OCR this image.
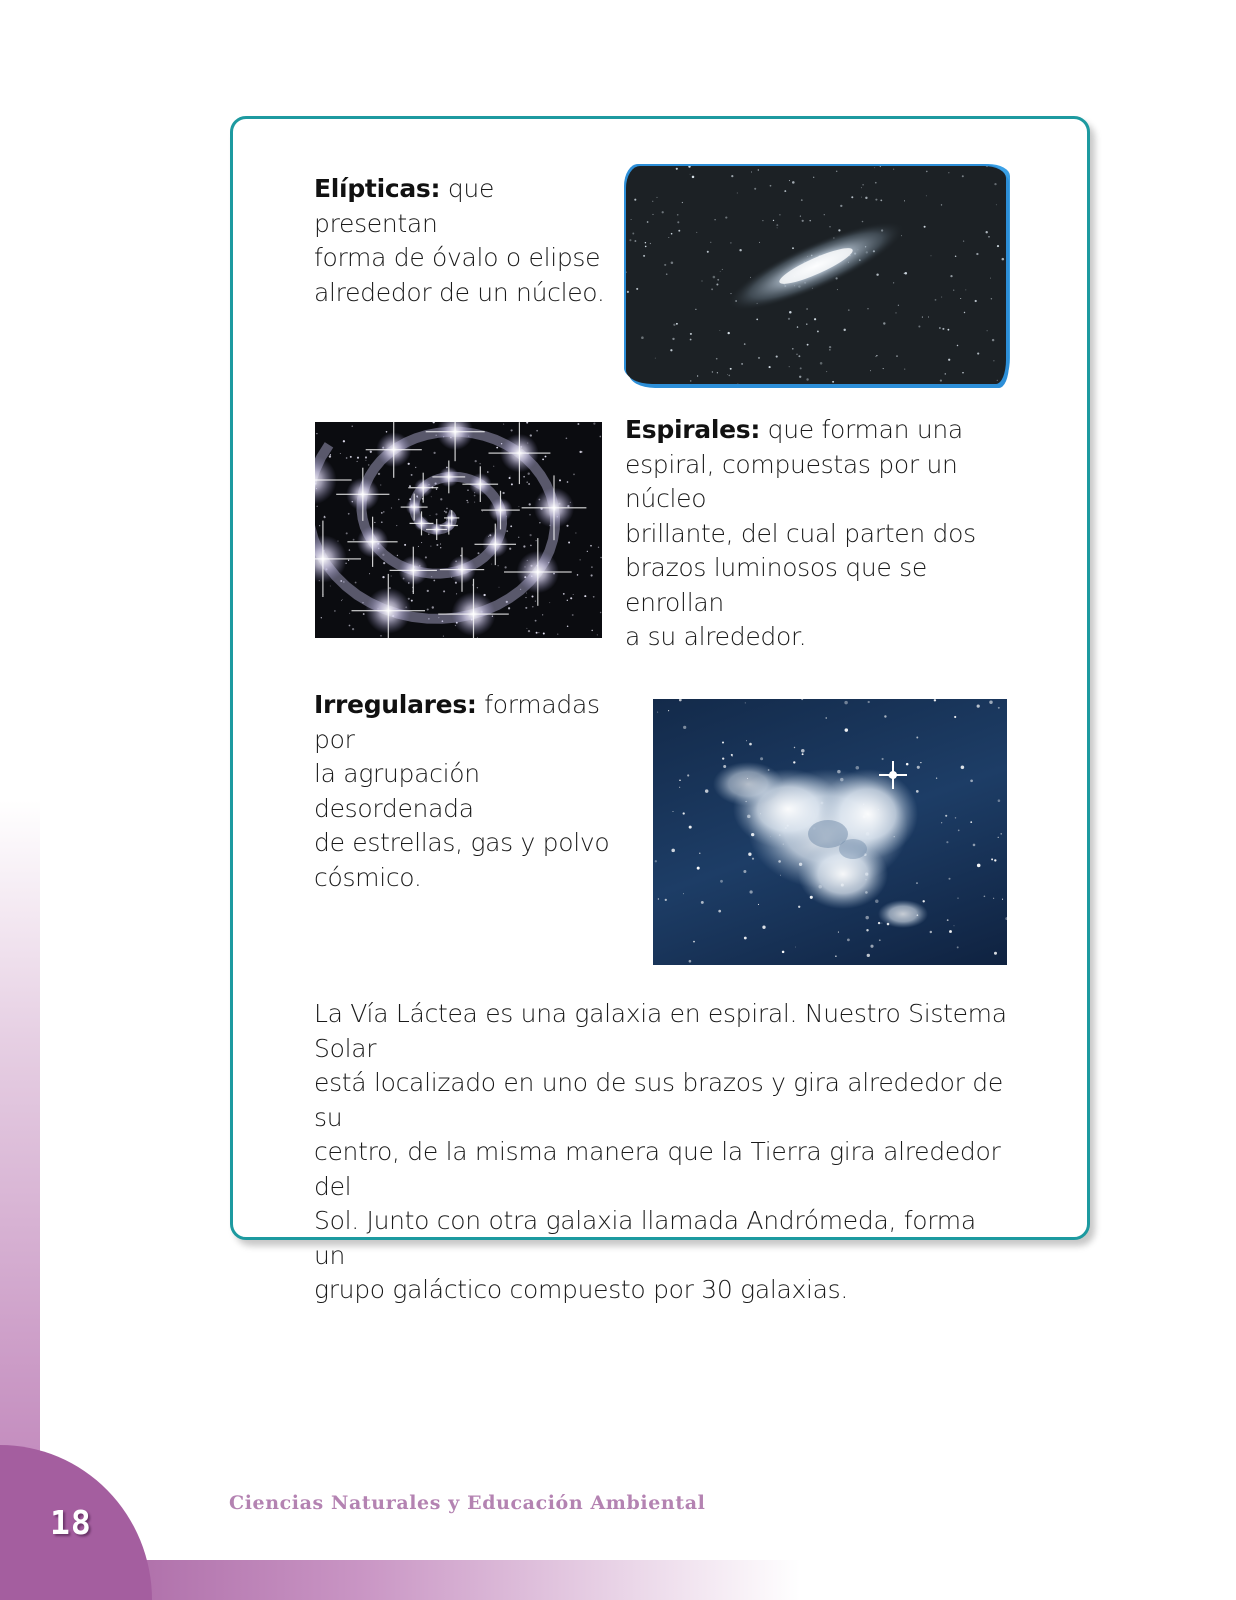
Elípticas: que presentan
forma de óvalo o elipse
alrededor de un núcleo.

Espirales: que forman una
espiral, compuestas por un núcleo
brillante, del cual parten dos
brazos luminosos que se enrollan
a su alrededor.

Irregulares: formadas por
la agrupación desordenada
de estrellas, gas y polvo
cósmico.

La Vía Láctea es una galaxia en espiral. Nuestro Sistema Solar
está localizado en uno de sus brazos y gira alrededor de su
centro, de la misma manera que la Tierra gira alrededor del
Sol. Junto con otra galaxia llamada Andrómeda, forma un
grupo galáctico compuesto por 30 galaxias.

18	Ciencias Naturales y Educación Ambiental
